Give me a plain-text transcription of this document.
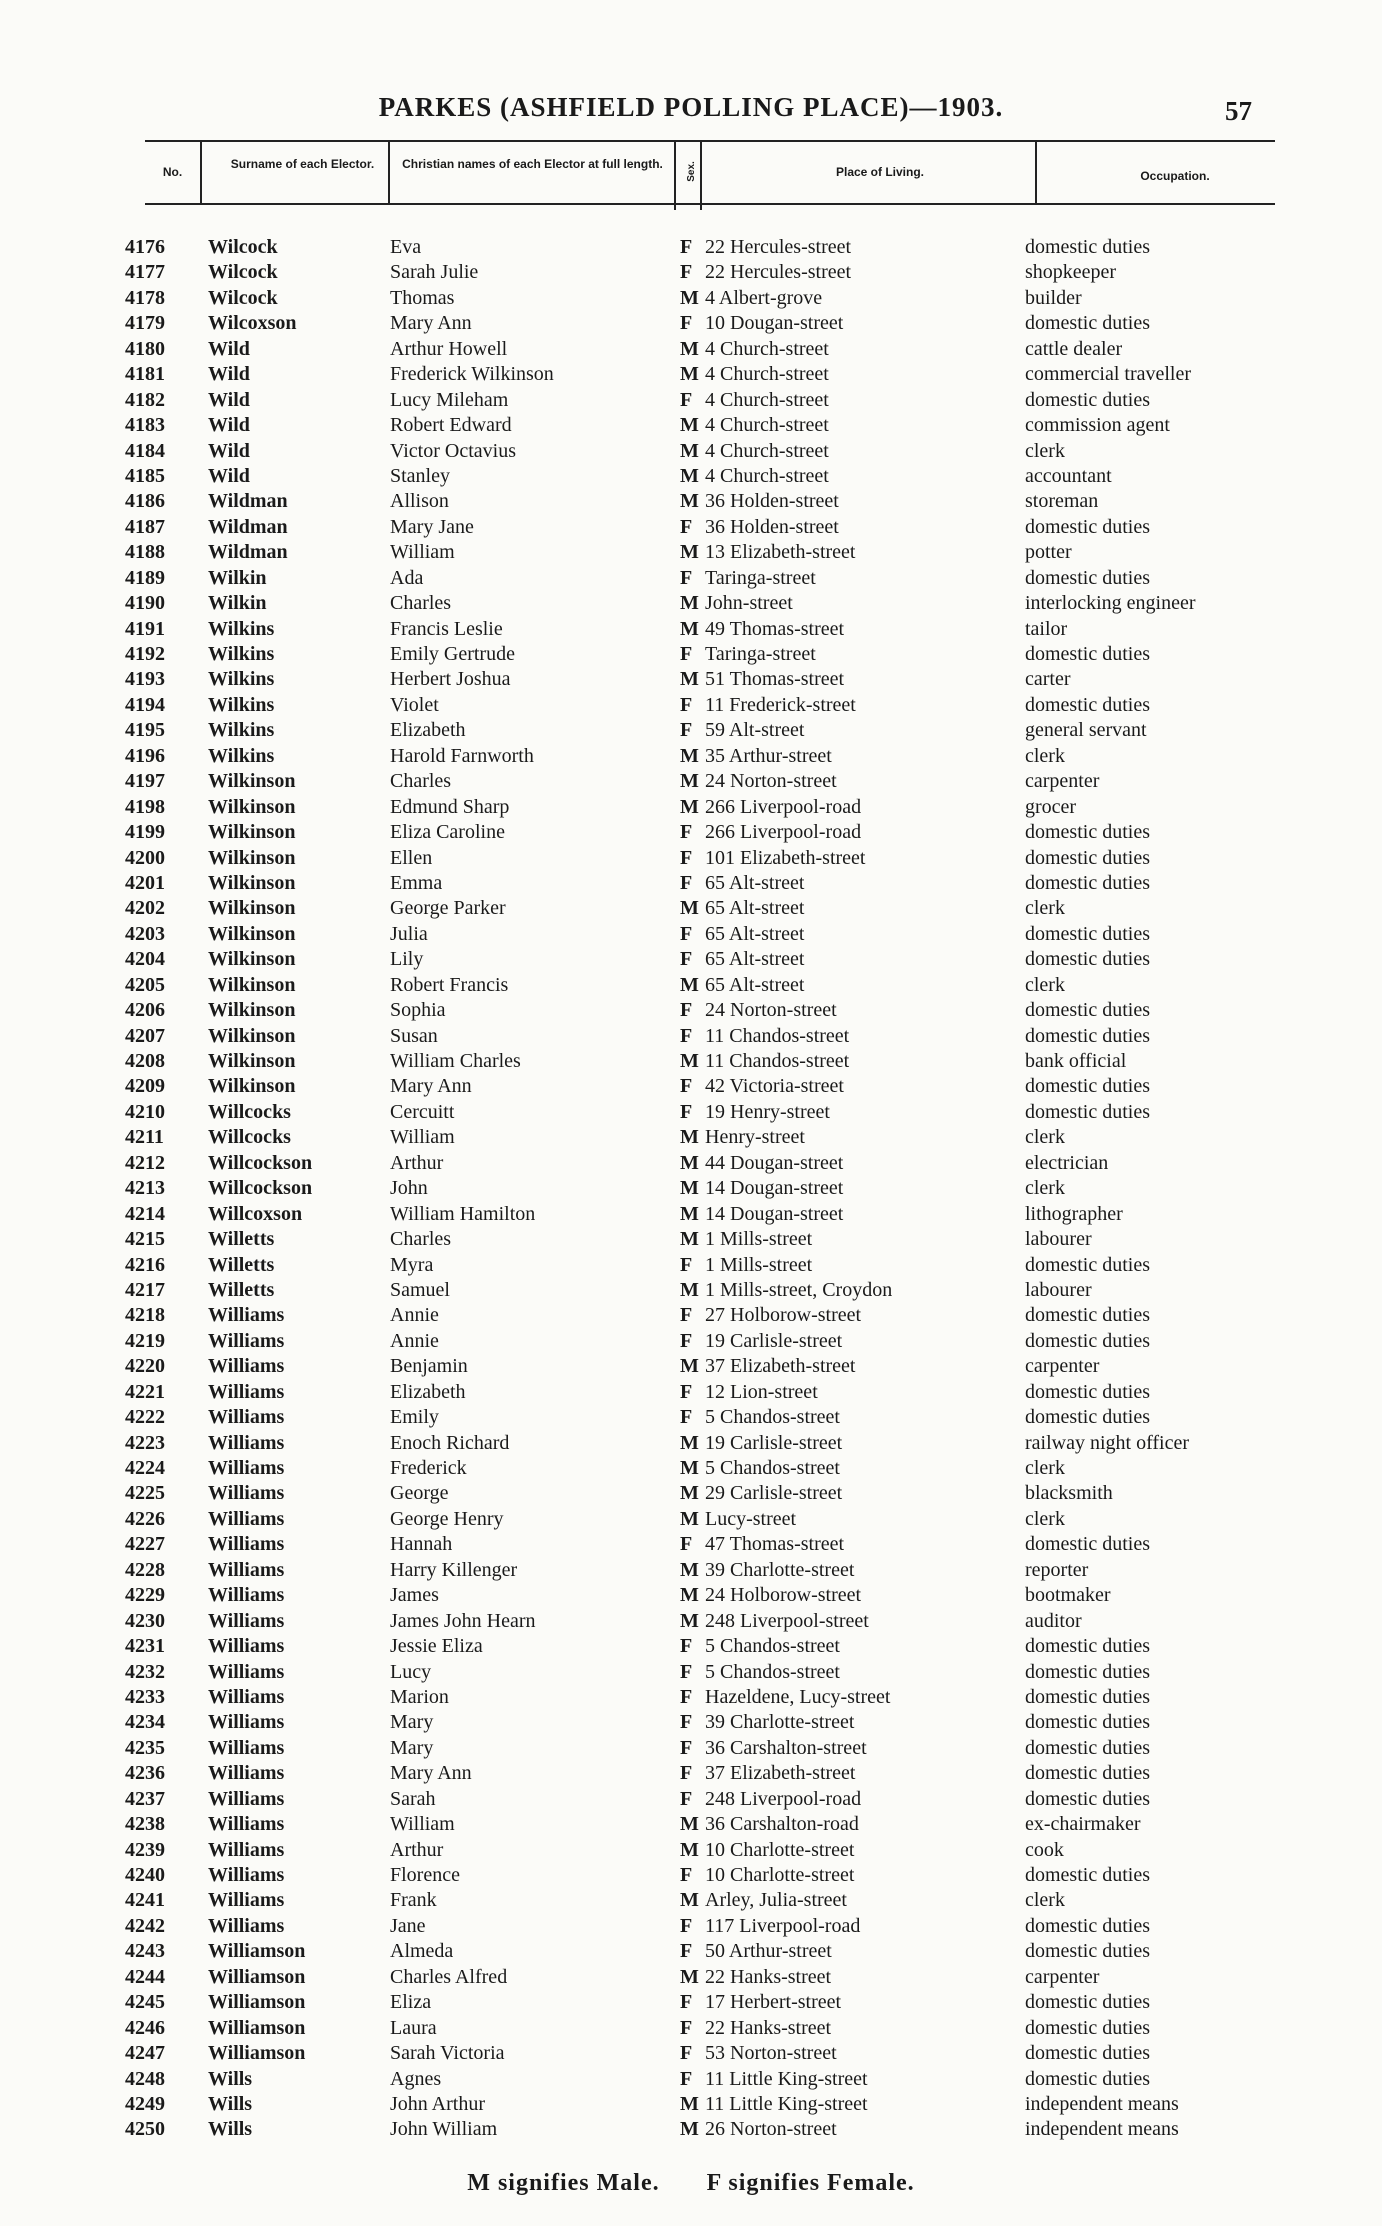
PARKES (ASHFIELD POLLING PLACE)—1903.	57
No.
Surname of each Elector. Christian names of each Elector at full length. Sex.	Place of Living.	Occupation.
4176 Wilcock	Eva	F 22 Hercules-street	domestic duties
4177 Wilcock	Sarah Julie	F 22 Hercules-street	shopkeeper
4178 Wilcock	Thomas	M 4 Albert-grove	builder
4179 Wilcoxson	Mary Ann	F 10 Dougan-street	domestic duties
4180 Wild	Arthur Howell	M 4 Church-street	cattle dealer
4181 Wild	Frederick Wilkinson	M 4 Church-street	commercial traveller
4182 Wild	Lucy Mileham	F 4 Church-street	domestic duties
4183 Wild	Robert Edward	M 4 Church-street	commission agent
4184 Wild	Victor Octavius	M 4 Church-street	clerk
4185 Wild	Stanley	M 4 Church-street	accountant
4186 Wildman	Allison	M 36 Holden-street	storeman
4187 Wildman	Mary Jane	F 36 Holden-street	domestic duties
4188 Wildman	William	M 13 Elizabeth-street	potter
4189 Wilkin	Ada	F Taringa-street	domestic duties
4190 Wilkin	Charles	M John-street	interlocking engineer
4191 Wilkins	Francis Leslie	M 49 Thomas-street	tailor
4192 Wilkins	Emily Gertrude	F Taringa-street	domestic duties
4193 Wilkins	Herbert Joshua	M 51 Thomas-street	carter
4194 Wilkins	Violet	F 11 Frederick-street	domestic duties
4195 Wilkins	Elizabeth	F 59 Alt-street	general servant
4196 Wilkins	Harold Farnworth	M 35 Arthur-street	clerk
4197 Wilkinson	Charles	M 24 Norton-street	carpenter
4198 Wilkinson	Edmund Sharp	M 266 Liverpool-road	grocer
4199 Wilkinson	Eliza Caroline	F 266 Liverpool-road	domestic duties
4200 Wilkinson	Ellen	F 101 Elizabeth-street	domestic duties
4201 Wilkinson	Emma	F 65 Alt-street	domestic duties
4202 Wilkinson	George Parker	M 65 Alt-street	clerk
4203 Wilkinson	Julia	F 65 Alt-street	domestic duties
4204 Wilkinson	Lily	F 65 Alt-street	domestic duties
4205 Wilkinson	Robert Francis	M 65 Alt-street	clerk
4206 Wilkinson	Sophia	F 24 Norton-street	domestic duties
4207 Wilkinson	Susan	F 11 Chandos-street	domestic duties
4208 Wilkinson	William Charles	M 11 Chandos-street	bank official
4209 Wilkinson	Mary Ann	F 42 Victoria-street	domestic duties
4210 Willcocks	Cercuitt	F 19 Henry-street	domestic duties
4211 Willcocks	William	M Henry-street	clerk
4212 Willcockson	Arthur	M 44 Dougan-street	electrician
4213 Willcockson	John	M 14 Dougan-street	clerk
4214 Willcoxson	William Hamilton	M 14 Dougan-street	lithographer
4215 Willetts	Charles	M 1 Mills-street	labourer
4216 Willetts	Myra	F 1 Mills-street	domestic duties
4217 Willetts	Samuel	M 1 Mills-street, Croydon	labourer
4218 Williams	Annie	F 27 Holborow-street	domestic duties
4219 Williams	Annie	F 19 Carlisle-street	domestic duties
4220 Williams	Benjamin	M 37 Elizabeth-street	carpenter
4221 Williams	Elizabeth	F 12 Lion-street	domestic duties
4222 Williams	Emily	F 5 Chandos-street	domestic duties
4223 Williams	Enoch Richard	M 19 Carlisle-street	railway night officer
4224 Williams	Frederick	M 5 Chandos-street	clerk
4225 Williams	George	M 29 Carlisle-street	blacksmith
4226 Williams	George Henry	M Lucy-street	clerk
4227 Williams	Hannah	F 47 Thomas-street	domestic duties
4228 Williams	Harry Killenger	M 39 Charlotte-street	reporter
4229 Williams	James	M 24 Holborow-street	bootmaker
4230 Williams	James John Hearn	M 248 Liverpool-street	auditor
4231 Williams	Jessie Eliza	F 5 Chandos-street	domestic duties
4232 Williams	Lucy	F 5 Chandos-street	domestic duties
4233 Williams	Marion	F Hazeldene, Lucy-street	domestic duties
4234 Williams	Mary	F 39 Charlotte-street	domestic duties
4235 Williams	Mary	F 36 Carshalton-street	domestic duties
4236 Williams	Mary Ann	F 37 Elizabeth-street	domestic duties
4237 Williams	Sarah	F 248 Liverpool-road	domestic duties
4238 Williams	William	M 36 Carshalton-road	ex-chairmaker
4239 Williams	Arthur	M 10 Charlotte-street	cook
4240 Williams	Florence	F 10 Charlotte-street	domestic duties
4241 Williams	Frank	M Arley, Julia-street	clerk
4242 Williams	Jane	F 117 Liverpool-road	domestic duties
4243 Williamson	Almeda	F 50 Arthur-street	domestic duties
4244 Williamson	Charles Alfred	M 22 Hanks-street	carpenter
4245 Williamson	Eliza	F 17 Herbert-street	domestic duties
4246 Williamson	Laura	F 22 Hanks-street	domestic duties
4247 Williamson	Sarah Victoria	F 53 Norton-street	domestic duties
4248 Wills	Agnes	F 11 Little King-street	domestic duties
4249 Wills	John Arthur	M 11 Little King-street	independent means
4250 Wills	John William	M 26 Norton-street	independent means
M signifies Male. F signifies Female.
